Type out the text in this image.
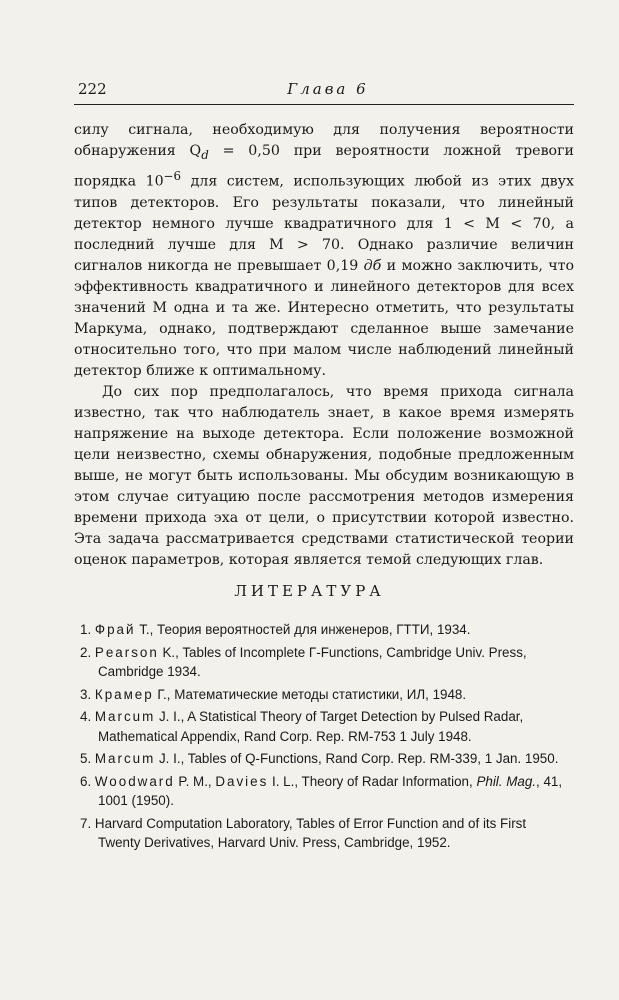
222	Глава 6

силу сигнала, необходимую для получения вероятности обнаружения $Q_d = 0,50$ при вероятности ложной тревоги порядка $10^{-6}$ для систем, использующих любой из этих двух типов детекторов. Его результаты показали, что линейный детектор немного лучше квадратичного для 1 < M < 70, а последний лучше для M > 70. Однако различие величин сигналов никогда не превышает 0,19 дб и можно заключить, что эффективность квадратичного и линейного детекторов для всех значений M одна и та же. Интересно отметить, что результаты Маркума, однако, подтверждают сделанное выше замечание относительно того, что при малом числе наблюдений линейный детектор ближе к оптимальному.

До сих пор предполагалось, что время прихода сигнала известно, так что наблюдатель знает, в какое время измерять напряжение на выходе детектора. Если положение возможной цели неизвестно, схемы обнаружения, подобные предложенным выше, не могут быть использованы. Мы обсудим возникающую в этом случае ситуацию после рассмотрения методов измерения времени прихода эха от цели, о присутствии которой известно. Эта задача рассматривается средствами статистической теории оценок параметров, которая является темой следующих глав.

ЛИТЕРАТУРА

1. Фрай Т., Теория вероятностей для инженеров, ГТТИ, 1934.

2. Pearson K., Tables of Incomplete Γ-Functions, Cambridge Univ. Press, Cambridge 1934.

3. Крамер Г., Математические методы статистики, ИЛ, 1948.

4. Marcum J. I., A Statistical Theory of Target Detection by Pulsed Radar, Mathematical Appendix, Rand Corp. Rep. RM-753 1 July 1948.

5. Marcum J. I., Tables of Q-Functions, Rand Corp. Rep. RM-339, 1 Jan. 1950.

6. Woodward P. M., Davies I. L., Theory of Radar Information, Phil. Mag., 41, 1001 (1950).

7. Harvard Computation Laboratory, Tables of Error Function and of its First Twenty Derivatives, Harvard Univ. Press, Cambridge, 1952.
